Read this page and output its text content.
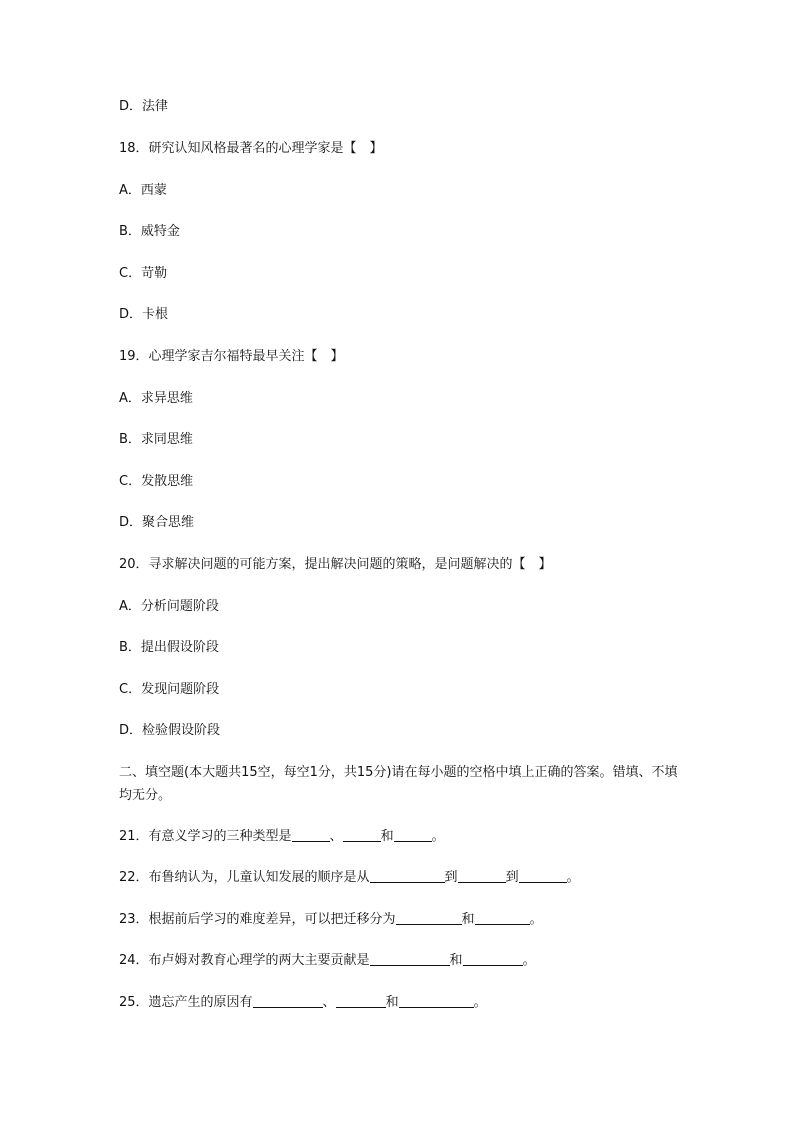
D．法律
18．研究认知风格最著名的心理学家是【　】
A．西蒙
B．威特金
C．苛勒
D．卡根
19．心理学家吉尔福特最早关注【　】
A．求异思维
B．求同思维
C．发散思维
D．聚合思维
20．寻求解决问题的可能方案，提出解决问题的策略，是问题解决的【　】
A．分析问题阶段
B．提出假设阶段
C．发现问题阶段
D．检验假设阶段
二、填空题(本大题共15空，每空1分，共15分)请在每小题的空格中填上正确的答案。错填、不填均无分。
21．有意义学习的三种类型是	、	和	。
22．布鲁纳认为，儿童认知发展的顺序是从	到	到	。
23．根据前后学习的难度差异，可以把迁移分为	和	。
24．布卢姆对教育心理学的两大主要贡献是	和	。
25．遗忘产生的原因有	、	和	。
